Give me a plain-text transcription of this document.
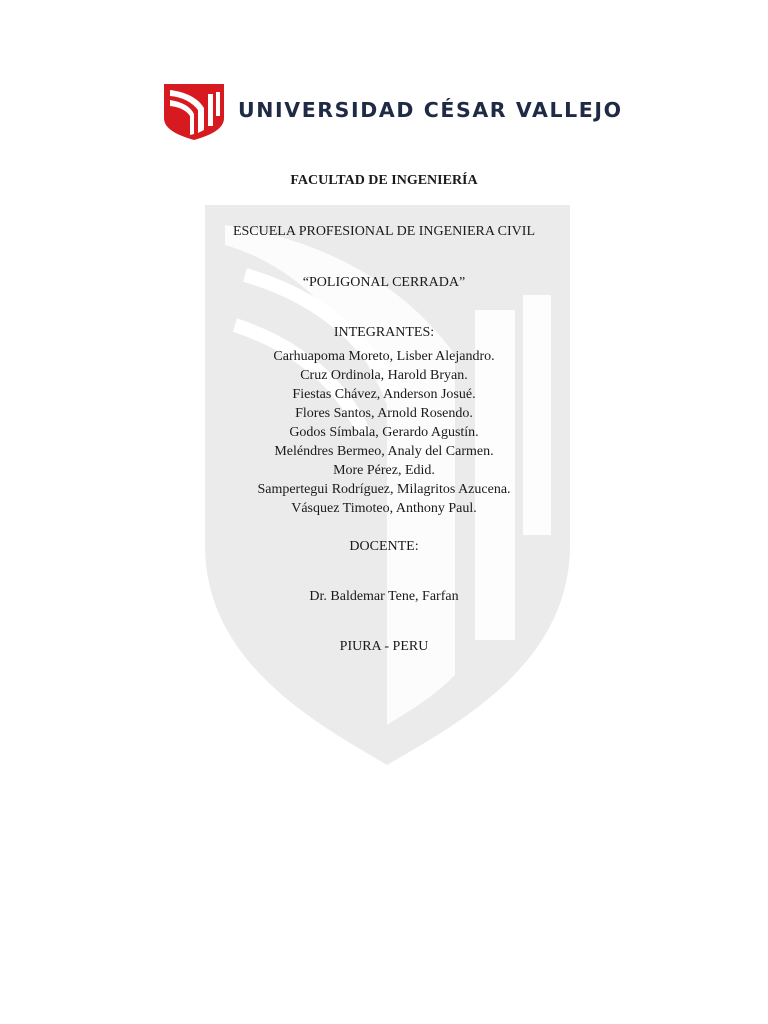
UNIVERSIDAD CÉSAR VALLEJO
FACULTAD DE INGENIERÍA
ESCUELA PROFESIONAL DE INGENIERA CIVIL
“POLIGONAL CERRADA”
INTEGRANTES:
Carhuapoma Moreto, Lisber Alejandro.
Cruz Ordinola, Harold Bryan.
Fiestas Chávez, Anderson Josué.
Flores Santos, Arnold Rosendo.
Godos Símbala, Gerardo Agustín.
Meléndres Bermeo, Analy del Carmen.
More Pérez, Edid.
Sampertegui Rodríguez, Milagritos Azucena.
Vásquez Timoteo, Anthony Paul.
DOCENTE:
Dr. Baldemar Tene, Farfan
PIURA - PERU
